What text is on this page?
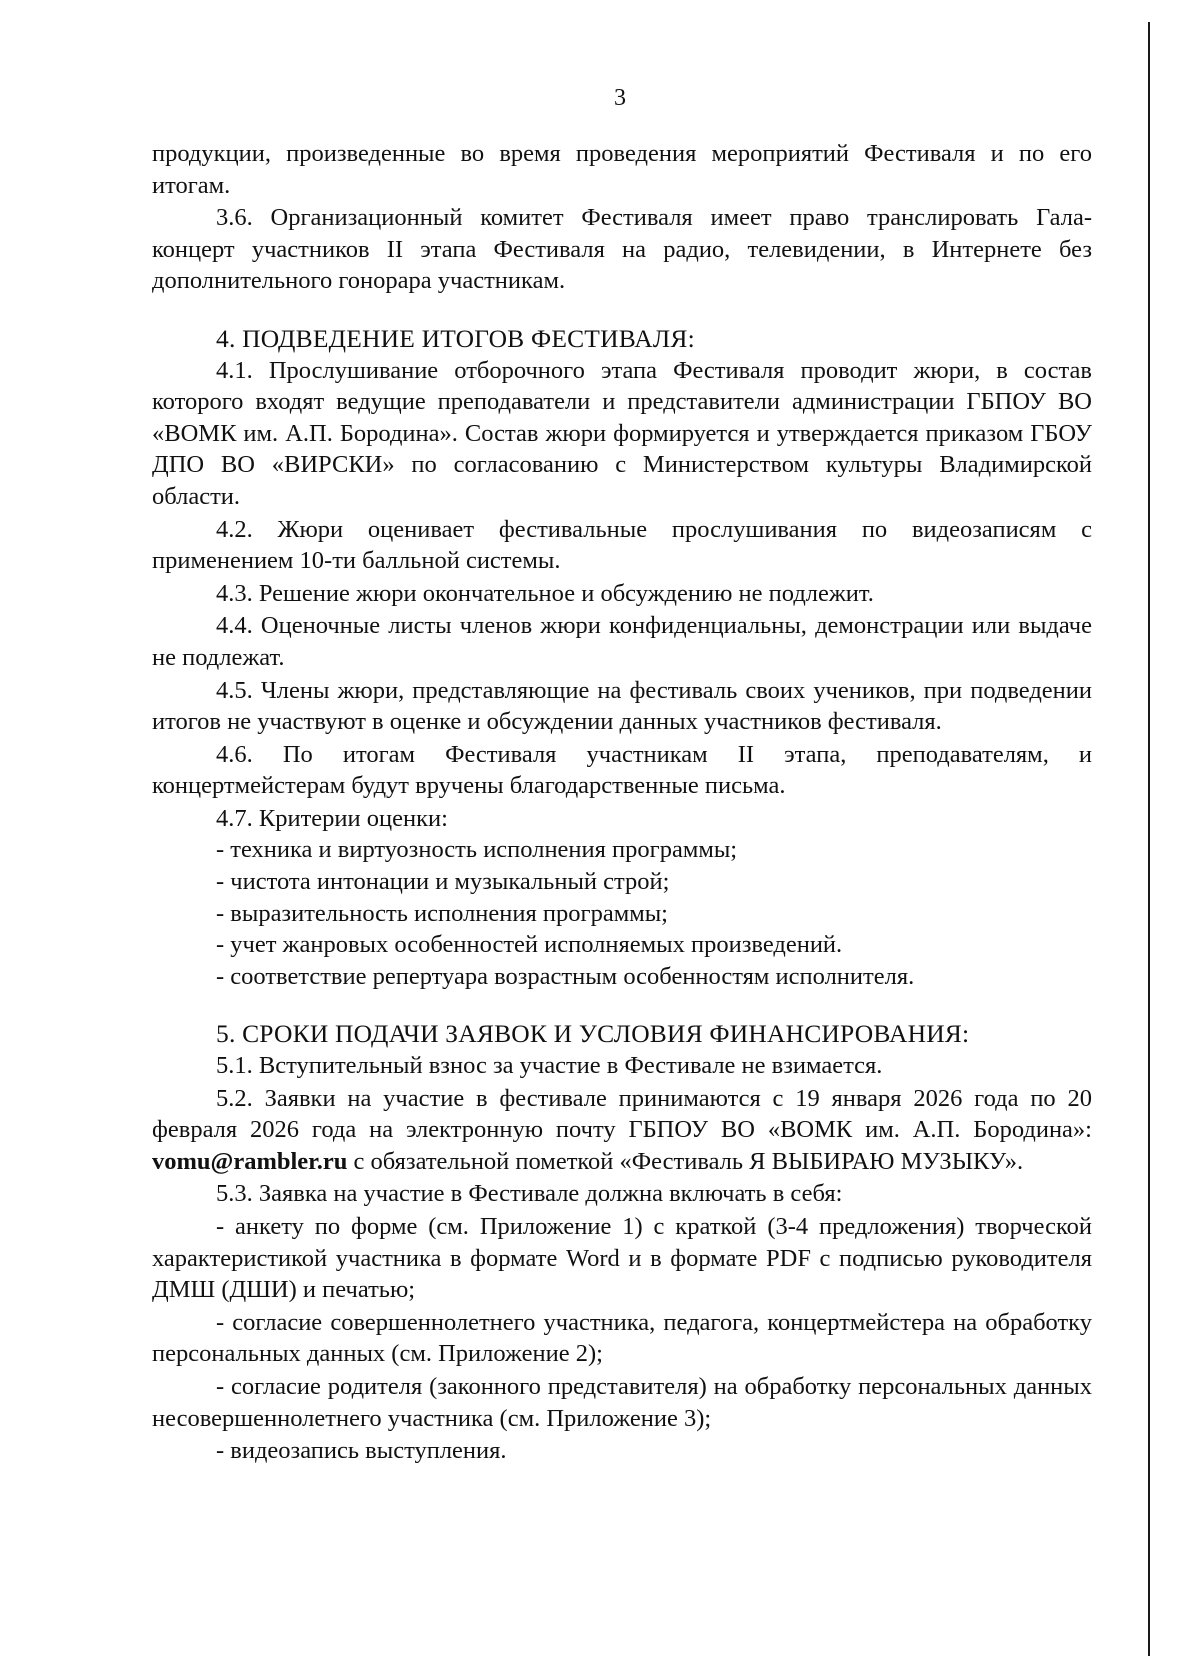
3

продукции, произведенные во время проведения мероприятий Фестиваля и по его итогам.

3.6. Организационный комитет Фестиваля имеет право транслировать Гала-концерт участников II этапа Фестиваля на радио, телевидении, в Интернете без дополнительного гонорара участникам.

4. ПОДВЕДЕНИЕ ИТОГОВ ФЕСТИВАЛЯ:

4.1. Прослушивание отборочного этапа Фестиваля проводит жюри, в состав которого входят ведущие преподаватели и представители администрации ГБПОУ ВО «ВОМК им. А.П. Бородина». Состав жюри формируется и утверждается приказом ГБОУ ДПО ВО «ВИРСКИ» по согласованию с Министерством культуры Владимирской области.

4.2. Жюри оценивает фестивальные прослушивания по видеозаписям с применением 10-ти балльной системы.

4.3. Решение жюри окончательное и обсуждению не подлежит.

4.4. Оценочные листы членов жюри конфиденциальны, демонстрации или выдаче не подлежат.

4.5. Члены жюри, представляющие на фестиваль своих учеников, при подведении итогов не участвуют в оценке и обсуждении данных участников фестиваля.

4.6. По итогам Фестиваля участникам II этапа, преподавателям, и концертмейстерам будут вручены благодарственные письма.

4.7. Критерии оценки:

- техника и виртуозность исполнения программы;

- чистота интонации и музыкальный строй;

- выразительность исполнения программы;

- учет жанровых особенностей исполняемых произведений.

- соответствие репертуара возрастным особенностям исполнителя.

5. СРОКИ ПОДАЧИ ЗАЯВОК И УСЛОВИЯ ФИНАНСИРОВАНИЯ:

5.1. Вступительный взнос за участие в Фестивале не взимается.

5.2. Заявки на участие в фестивале принимаются с 19 января 2026 года по 20 февраля 2026 года на электронную почту ГБПОУ ВО «ВОМК им. А.П. Бородина»: vomu@rambler.ru с обязательной пометкой «Фестиваль Я ВЫБИРАЮ МУЗЫКУ».

5.3. Заявка на участие в Фестивале должна включать в себя:

- анкету по форме (см. Приложение 1) с краткой (3-4 предложения) творческой характеристикой участника в формате Word и в формате PDF с подписью руководителя ДМШ (ДШИ) и печатью;

- согласие совершеннолетнего участника, педагога, концертмейстера на обработку персональных данных (см. Приложение 2);

- согласие родителя (законного представителя) на обработку персональных данных несовершеннолетнего участника (см. Приложение 3);

- видеозапись выступления.
